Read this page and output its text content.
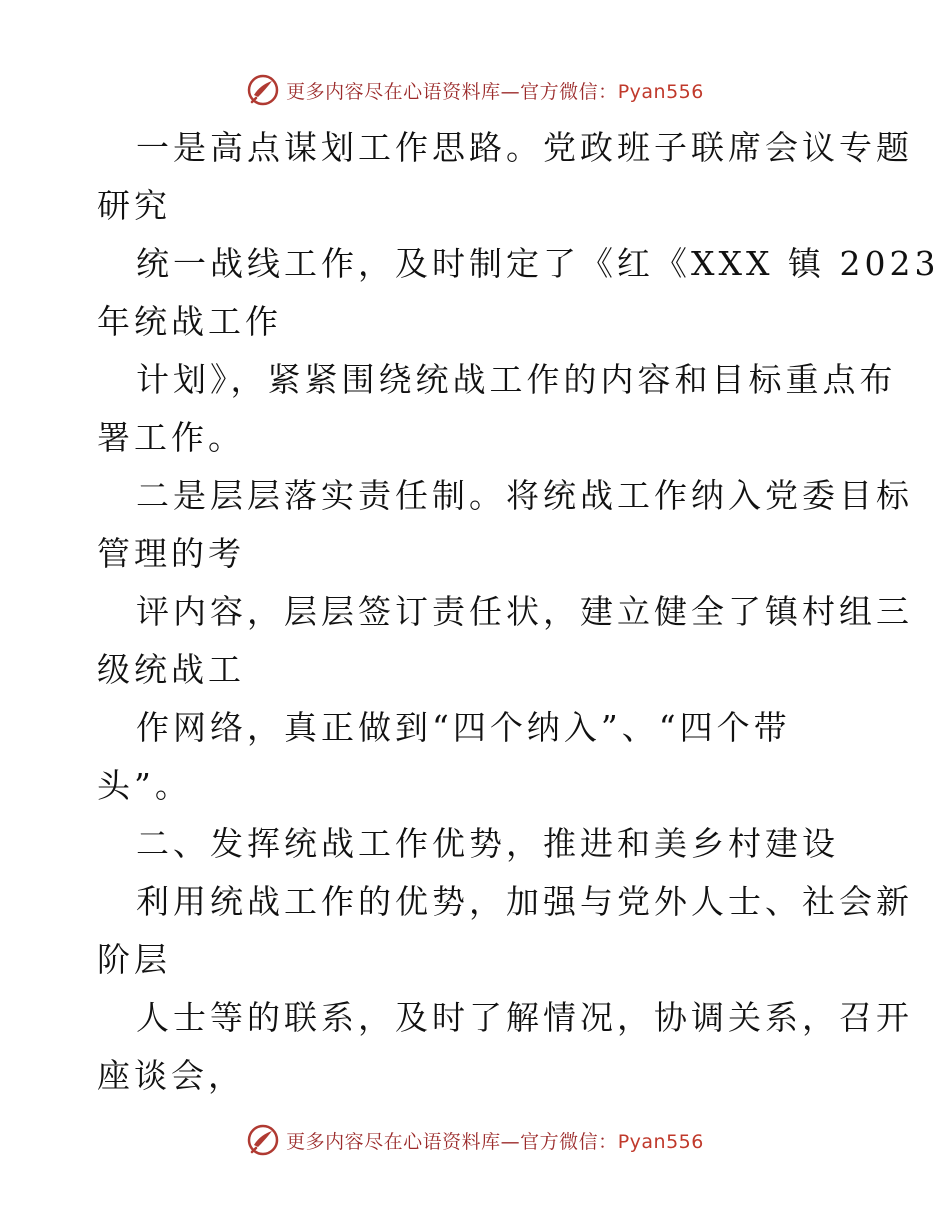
更多内容尽在心语资料库—官方微信：Pyan556
一是高点谋划工作思路。党政班子联席会议专题
研究
统一战线工作，及时制定了《红《XXX 镇 2023
年统战工作
计划》，紧紧围绕统战工作的内容和目标重点布
署工作。
二是层层落实责任制。将统战工作纳入党委目标
管理的考
评内容，层层签订责任状，建立健全了镇村组三
级统战工
作网络，真正做到“四个纳入”、“四个带
头”。
二、发挥统战工作优势，推进和美乡村建设
利用统战工作的优势，加强与党外人士、社会新
阶层
人士等的联系，及时了解情况，协调关系，召开
座谈会，
更多内容尽在心语资料库—官方微信：Pyan556
